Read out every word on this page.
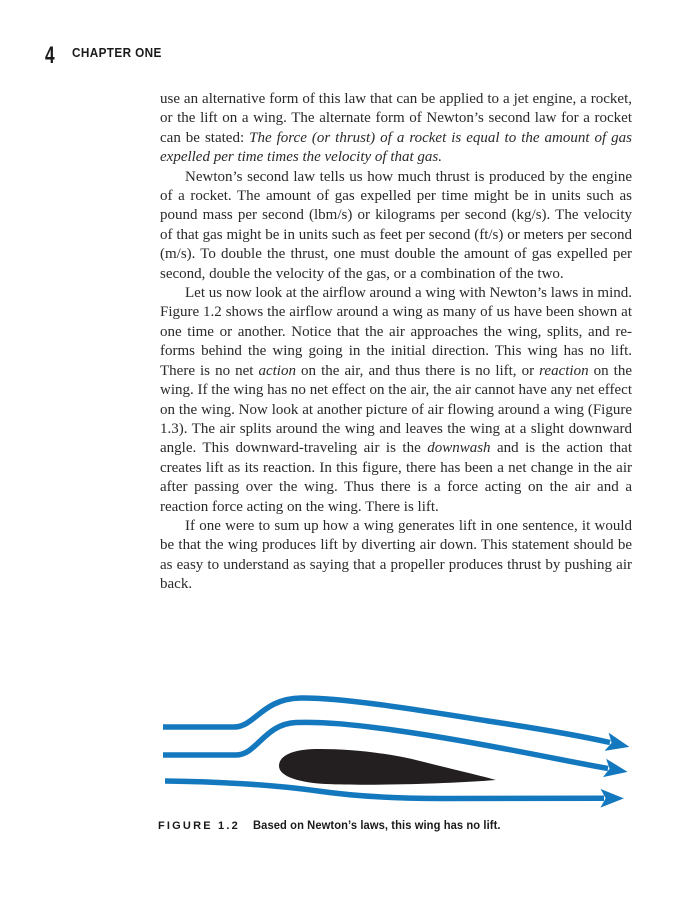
4 CHAPTER ONE

use an alternative form of this law that can be applied to a jet engine, a rocket, or the lift on a wing. The alternate form of Newton’s second law for a rocket can be stated: The force (or thrust) of a rocket is equal to the amount of gas expelled per time times the velocity of that gas.

Newton’s second law tells us how much thrust is produced by the engine of a rocket. The amount of gas expelled per time might be in units such as pound mass per second (lbm/s) or kilograms per second (kg/s). The velocity of that gas might be in units such as feet per second (ft/s) or meters per second (m/s). To double the thrust, one must double the amount of gas expelled per second, double the velocity of the gas, or a combination of the two.

Let us now look at the airflow around a wing with Newton’s laws in mind. Figure 1.2 shows the airflow around a wing as many of us have been shown at one time or another. Notice that the air approaches the wing, splits, and re-forms behind the wing going in the initial direction. This wing has no lift. There is no net action on the air, and thus there is no lift, or reaction on the wing. If the wing has no net effect on the air, the air cannot have any net effect on the wing. Now look at another picture of air flowing around a wing (Figure 1.3). The air splits around the wing and leaves the wing at a slight downward angle. This downward-traveling air is the downwash and is the action that creates lift as its reaction. In this figure, there has been a net change in the air after passing over the wing. Thus there is a force acting on the air and a reaction force acting on the wing. There is lift.

If one were to sum up how a wing generates lift in one sentence, it would be that the wing produces lift by diverting air down. This statement should be as easy to understand as saying that a propeller produces thrust by pushing air back.

FIGURE 1.2 Based on Newton’s laws, this wing has no lift.
